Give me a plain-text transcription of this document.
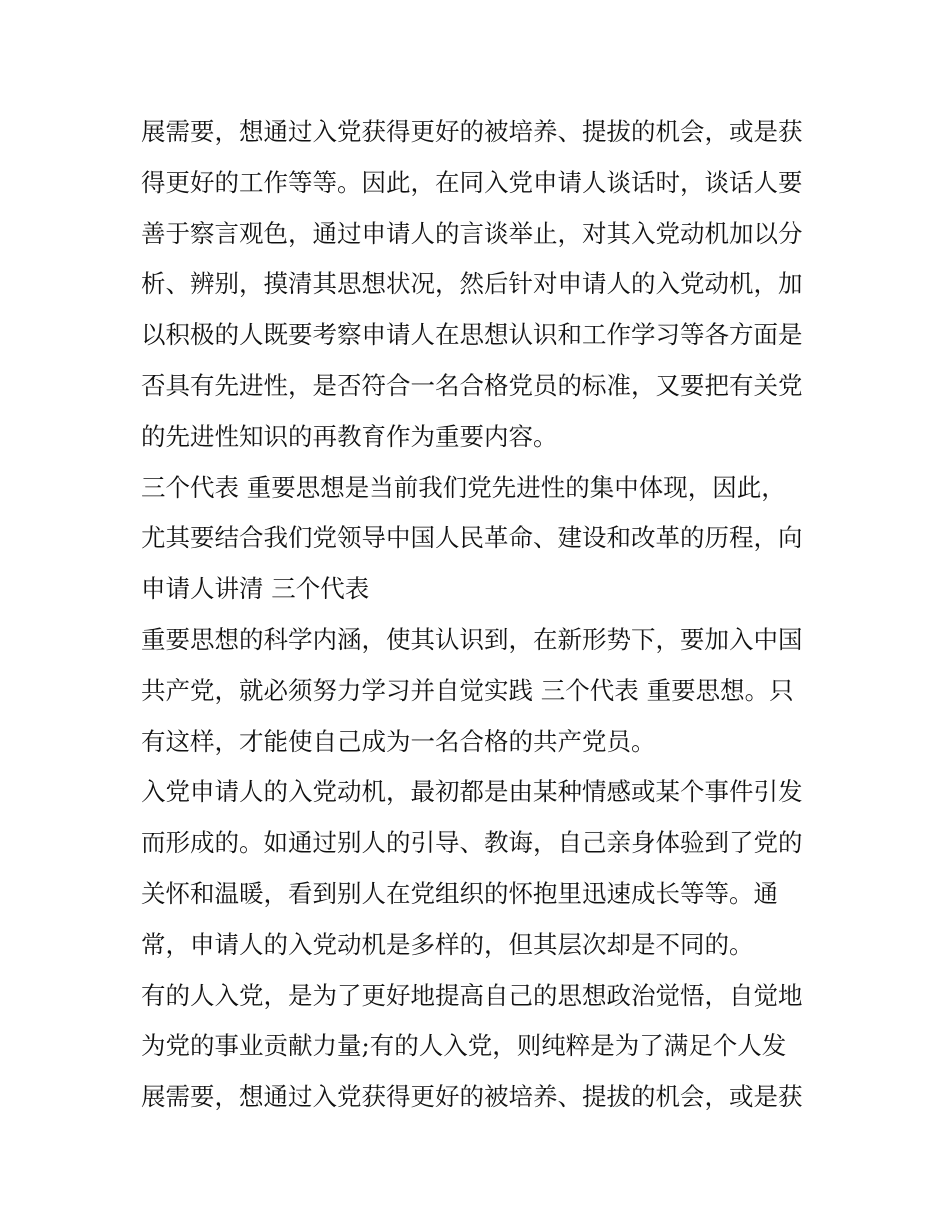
展需要，想通过入党获得更好的被培养、提拔的机会，或是获
得更好的工作等等。因此，在同入党申请人谈话时，谈话人要
善于察言观色，通过申请人的言谈举止，对其入党动机加以分
析、辨别，摸清其思想状况，然后针对申请人的入党动机，加
以积极的人既要考察申请人在思想认识和工作学习等各方面是
否具有先进性，是否符合一名合格党员的标准，又要把有关党
的先进性知识的再教育作为重要内容。
三个代表 重要思想是当前我们党先进性的集中体现，因此，
尤其要结合我们党领导中国人民革命、建设和改革的历程，向
申请人讲清 三个代表
重要思想的科学内涵，使其认识到，在新形势下，要加入中国
共产党，就必须努力学习并自觉实践 三个代表 重要思想。只
有这样，才能使自己成为一名合格的共产党员。
入党申请人的入党动机，最初都是由某种情感或某个事件引发
而形成的。如通过别人的引导、教诲，自己亲身体验到了党的
关怀和温暖，看到别人在党组织的怀抱里迅速成长等等。通
常，申请人的入党动机是多样的，但其层次却是不同的。
有的人入党，是为了更好地提高自己的思想政治觉悟，自觉地
为党的事业贡献力量;有的人入党，则纯粹是为了满足个人发
展需要，想通过入党获得更好的被培养、提拔的机会，或是获
